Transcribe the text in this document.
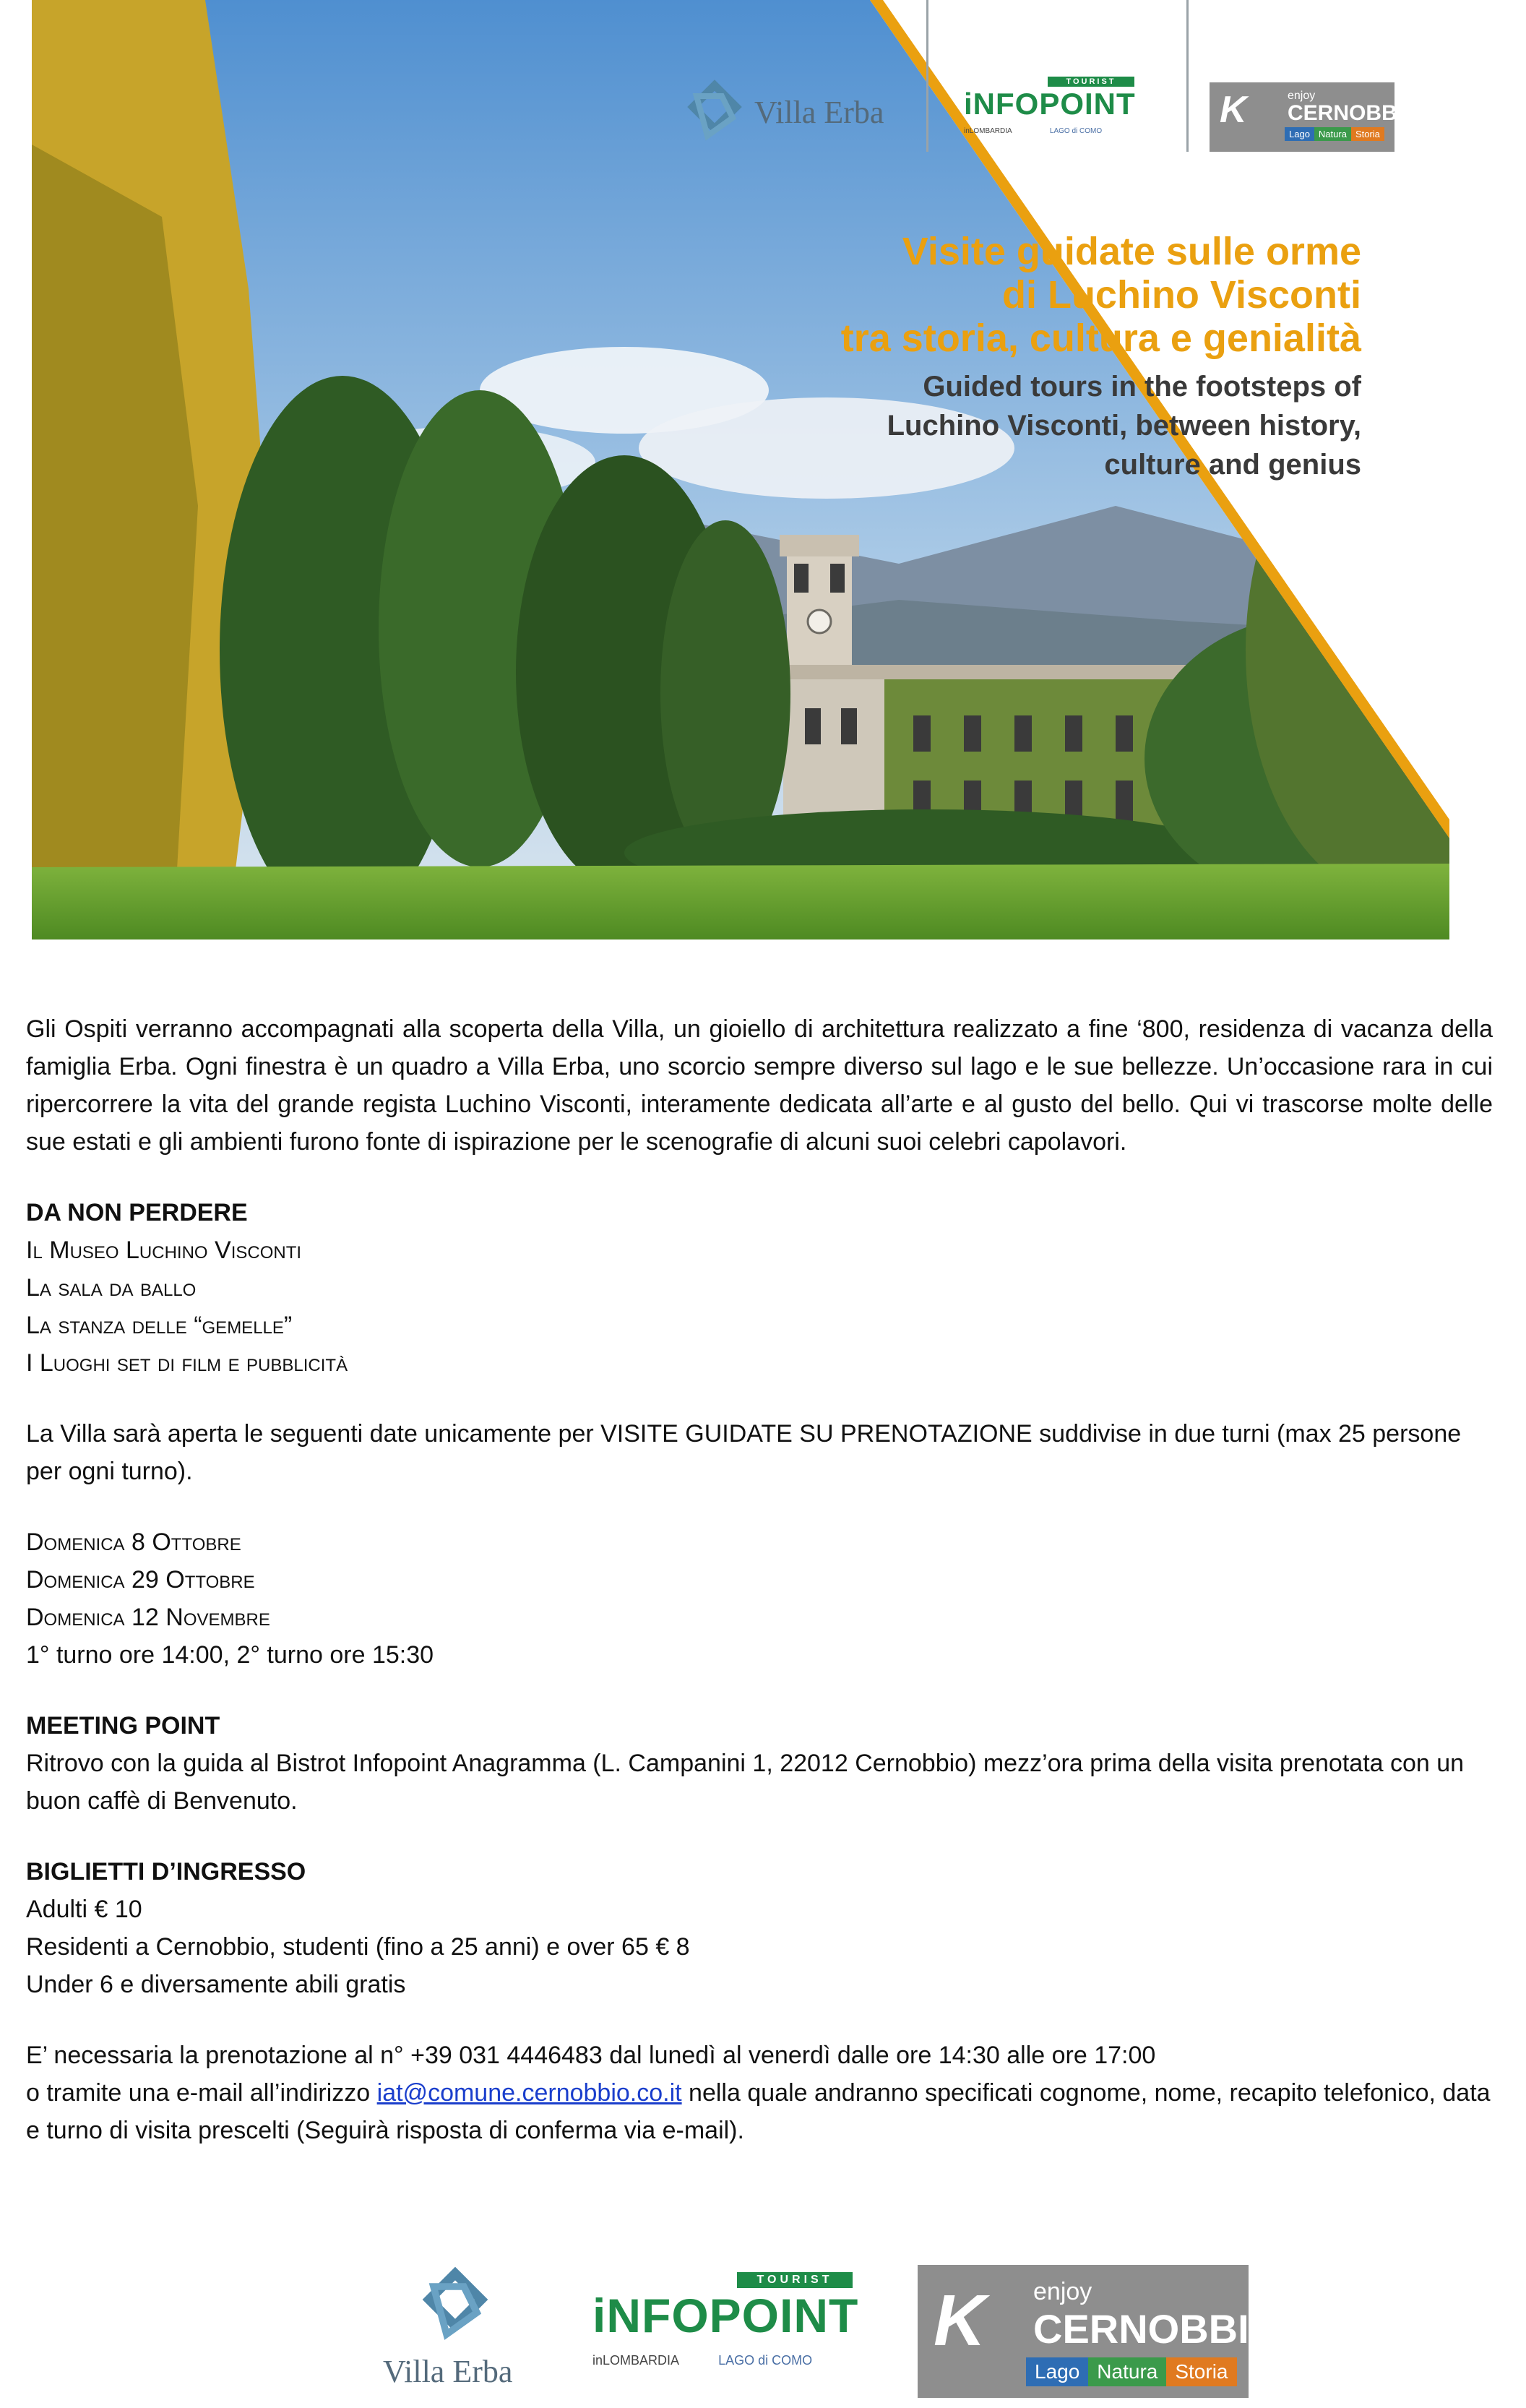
Villa Erba
TOURIST
iNFOPOINT
inLOMBARDIA	LAGO di COMO
K	enjoy
CERNOBBIO
Lago Natura Storia
Visite guidate sulle orme
di Luchino Visconti
tra storia, cultura e genialità
Guided tours in the footsteps of
Luchino Visconti, between history,
culture and genius

Gli Ospiti verranno accompagnati alla scoperta della Villa, un gioiello di architettura realizzato a fine ‘800, residenza di vacanza della famiglia Erba. Ogni finestra è un quadro a Villa Erba, uno scorcio sempre diverso sul lago e le sue bellezze. Un’occasione rara in cui ripercorrere la vita del grande regista Luchino Visconti, interamente dedicata all’arte e al gusto del bello. Qui vi trascorse molte delle sue estati e gli ambienti furono fonte di ispirazione per le scenografie di alcuni suoi celebri capolavori.

DA NON PERDERE
Il Museo Luchino Visconti
La sala da ballo
La stanza delle “gemelle”
I Luoghi set di film e pubblicità

La Villa sarà aperta le seguenti date unicamente per VISITE GUIDATE SU PRENOTAZIONE suddivise in due turni (max 25 persone per ogni turno).

Domenica 8 Ottobre
Domenica 29 Ottobre
Domenica 12 Novembre
1° turno ore 14:00, 2° turno ore 15:30
MEETING POINT
Ritrovo con la guida al Bistrot Infopoint Anagramma (L. Campanini 1, 22012 Cernobbio) mezz’ora prima della visita prenotata con un buon caffè di Benvenuto.
BIGLIETTI D’INGRESSO
Adulti € 10
Residenti a Cernobbio, studenti (fino a 25 anni) e over 65 € 8
Under 6 e diversamente abili gratis
E’ necessaria la prenotazione al n° +39 031 4446483 dal lunedì al venerdì dalle ore 14:30 alle ore 17:00
o tramite una e-mail all’indirizzo iat@comune.cernobbio.co.it nella quale andranno specificati cognome, nome, recapito telefonico, data e turno di visita prescelti (Seguirà risposta di conferma via e-mail).
Villa Erba
TOURIST
iNFOPOINT
inLOMBARDIA	LAGO di COMO K enjoy
CERNOBBIO
Lago Natura Storia
